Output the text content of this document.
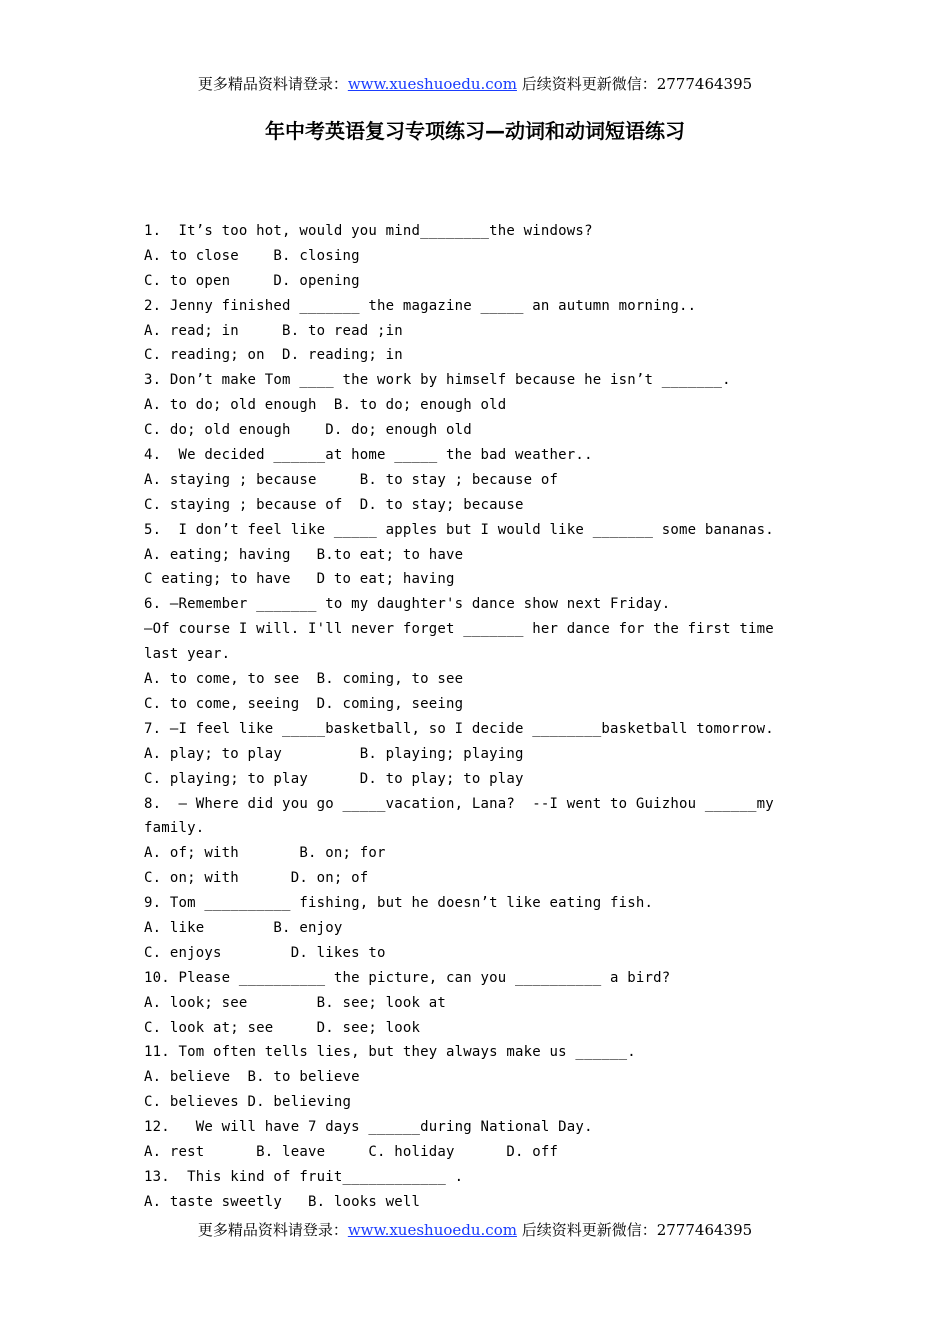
更多精品资料请登录：www.xueshuoedu.com 后续资料更新微信：2777464395
年中考英语复习专项练习—动词和动词短语练习
1.  It’s too hot, would you mind________the windows?
A. to close    B. closing
C. to open     D. opening
2. Jenny finished _______ the magazine _____ an autumn morning..
A. read; in     B. to read ;in
C. reading; on  D. reading; in
3. Don’t make Tom ____ the work by himself because he isn’t _______.
A. to do; old enough  B. to do; enough old
C. do; old enough    D. do; enough old
4.  We decided ______at home _____ the bad weather..
A. staying ; because     B. to stay ; because of
C. staying ; because of  D. to stay; because
5.  I don’t feel like _____ apples but I would like _______ some bananas.
A. eating; having   B.to eat; to have
C eating; to have   D to eat; having
6. —Remember _______ to my daughter's dance show next Friday.
—Of course I will. I'll never forget _______ her dance for the first time last year.
A. to come, to see  B. coming, to see
C. to come, seeing  D. coming, seeing
7. –I feel like _____basketball, so I decide ________basketball tomorrow.
A. play; to play         B. playing; playing
C. playing; to play      D. to play; to play
8.  – Where did you go _____vacation, Lana?  --I went to Guizhou ______my family.
A. of; with       B. on; for
C. on; with      D. on; of
9. Tom __________ fishing, but he doesn’t like eating fish.
A. like        B. enjoy
C. enjoys        D. likes to
10. Please __________ the picture, can you __________ a bird?
A. look; see        B. see; look at
C. look at; see     D. see; look
11. Tom often tells lies, but they always make us ______.
A. believe  B. to believe
C. believes D. believing
12.   We will have 7 days ______during National Day.
A. rest      B. leave     C. holiday      D. off
13.  This kind of fruit____________ .
A. taste sweetly   B. looks well
更多精品资料请登录：www.xueshuoedu.com 后续资料更新微信：2777464395
